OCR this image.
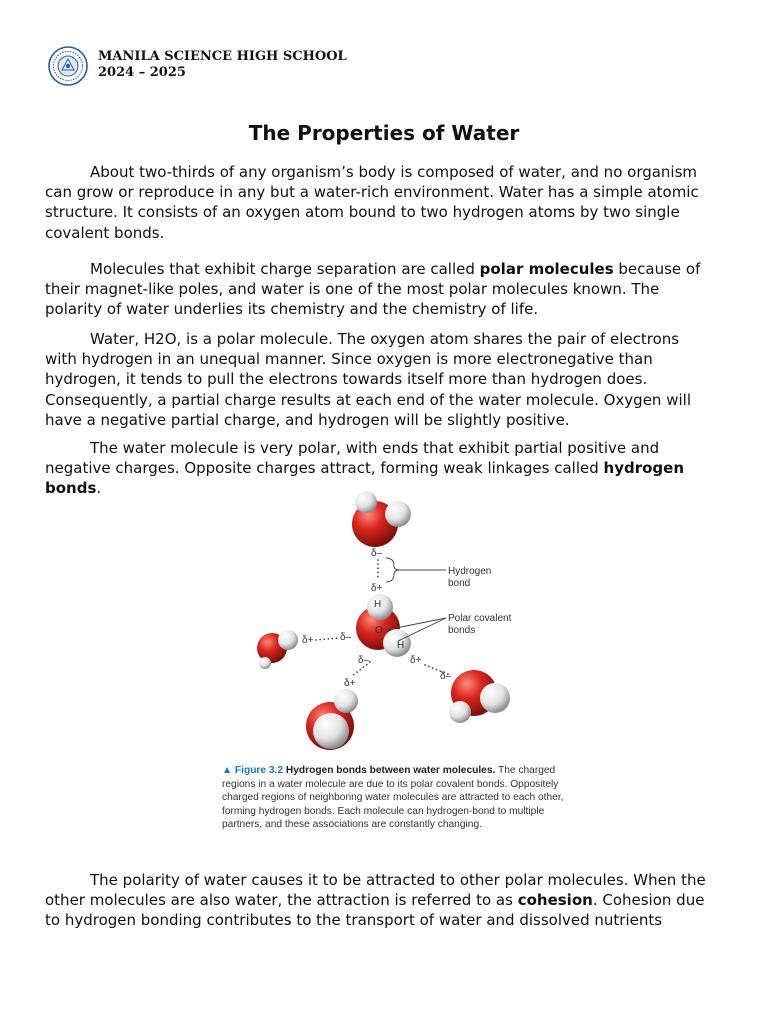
MANILA SCIENCE HIGH SCHOOL
2024 – 2025
The Properties of Water

About two-thirds of any organism’s body is composed of water, and no organism can grow or reproduce in any but a water-rich environment. Water has a simple atomic structure. It consists of an oxygen atom bound to two hydrogen atoms by two single covalent bonds.

Molecules that exhibit charge separation are called polar molecules because of their magnet-like poles, and water is one of the most polar molecules known. The polarity of water underlies its chemistry and the chemistry of life.

Water, H2O, is a polar molecule. The oxygen atom shares the pair of electrons with hydrogen in an unequal manner. Since oxygen is more electronegative than hydrogen, it tends to pull the electrons towards itself more than hydrogen does. Consequently, a partial charge results at each end of the water molecule. Oxygen will have a negative partial charge, and hydrogen will be slightly positive.

The water molecule is very polar, with ends that exhibit partial positive and negative charges. Opposite charges attract, forming weak linkages called hydrogen bonds.

δ–
δ+
Hydrogen
bond
Polar covalent
bonds
H
O
H
δ+	δ–
δ–
δ+
δ+
δ–
▲ Figure 3.2 Hydrogen bonds between water molecules. The charged regions in a water molecule are due to its polar covalent bonds. Oppositely charged regions of neighboring water molecules are attracted to each other, forming hydrogen bonds. Each molecule can hydrogen-bond to multiple partners, and these associations are constantly changing.

The polarity of water causes it to be attracted to other polar molecules. When the other molecules are also water, the attraction is referred to as cohesion. Cohesion due to hydrogen bonding contributes to the transport of water and dissolved nutrients
